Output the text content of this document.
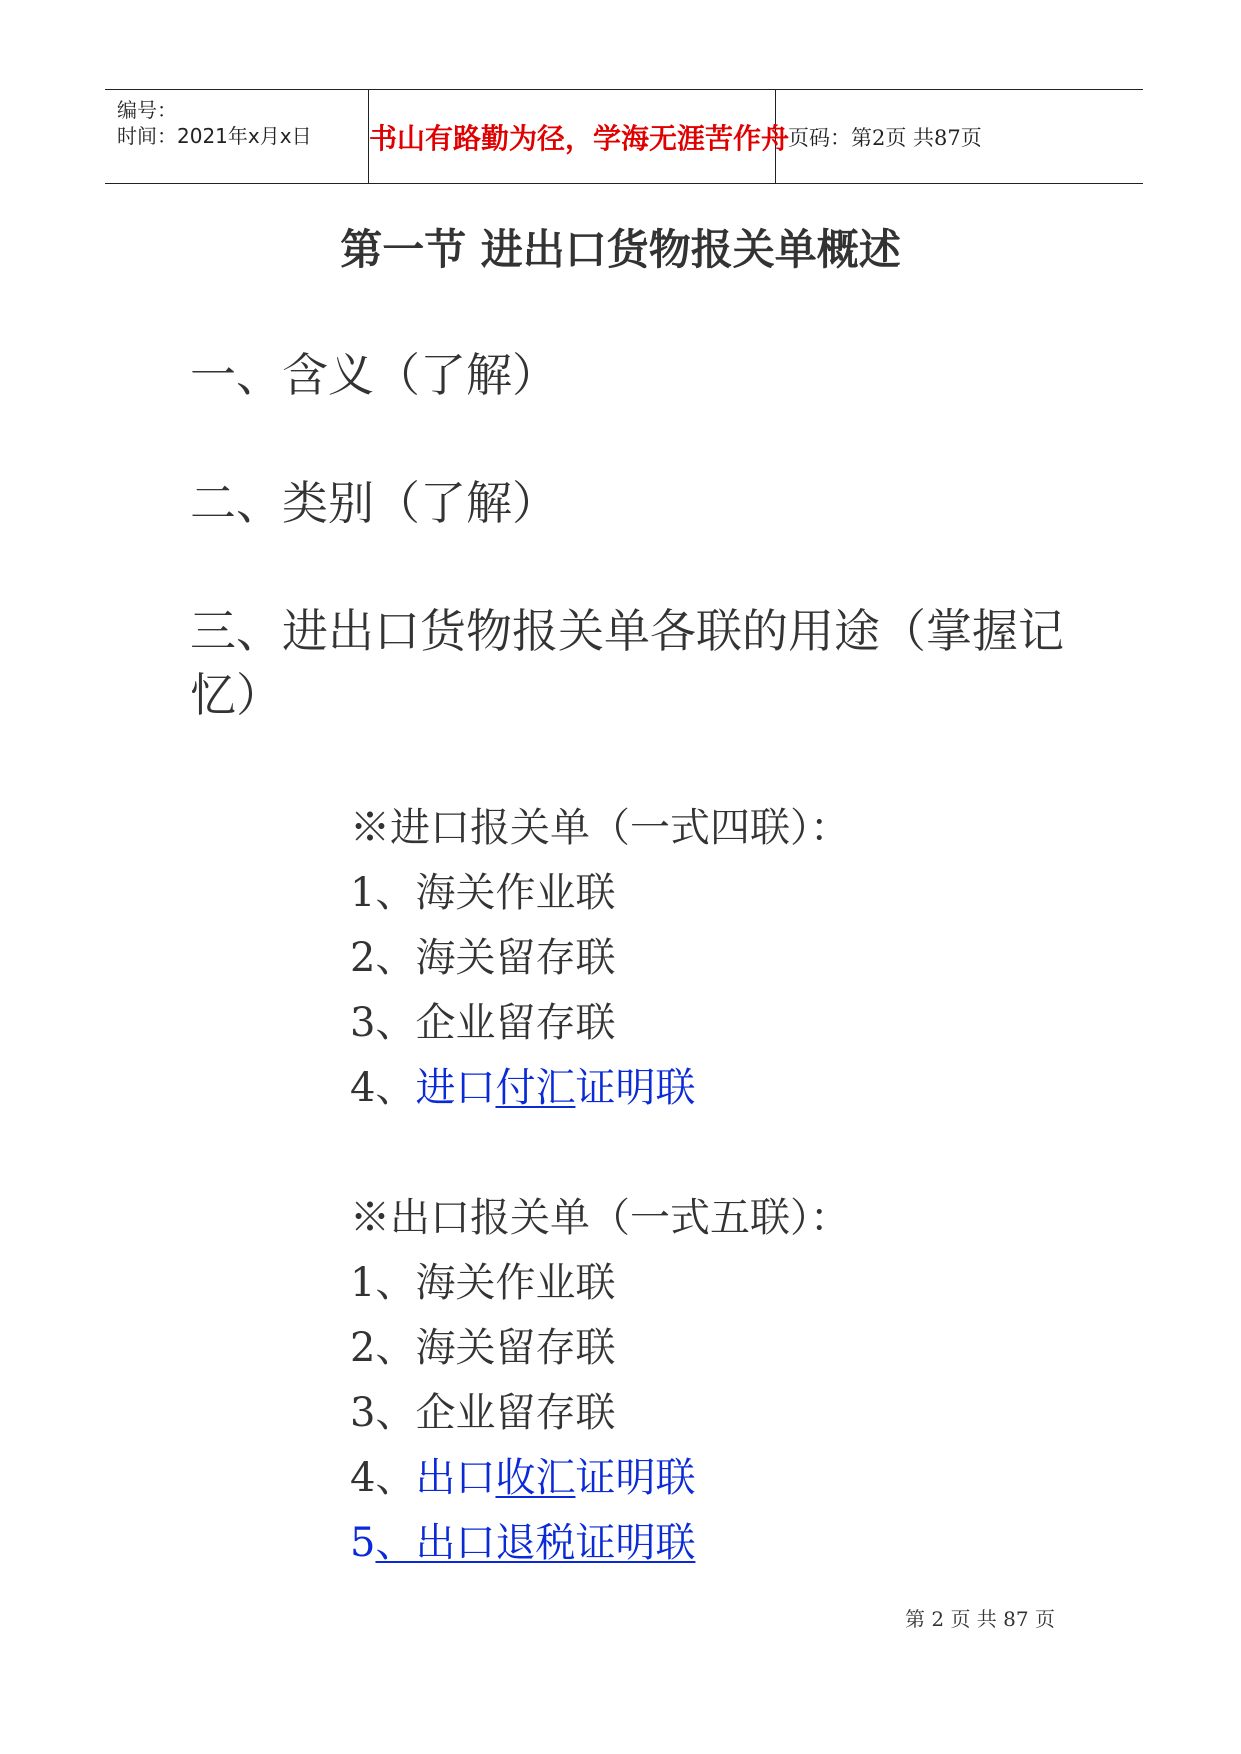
编号：
时间：2021年x月x日 书山有路勤为径，学海无涯苦作舟
页码：第2页 共87页
第一节 进出口货物报关单概述
一、含义（了解）
二、类别（了解）
三、进出口货物报关单各联的用途（掌握记
忆）
※进口报关单（一式四联）：
1、海关作业联
2、海关留存联
3、企业留存联
4、进口付汇证明联
※出口报关单（一式五联）：
1、海关作业联
2、海关留存联
3、企业留存联
4、出口收汇证明联
5、出口退税证明联
第 2 页 共 87 页
